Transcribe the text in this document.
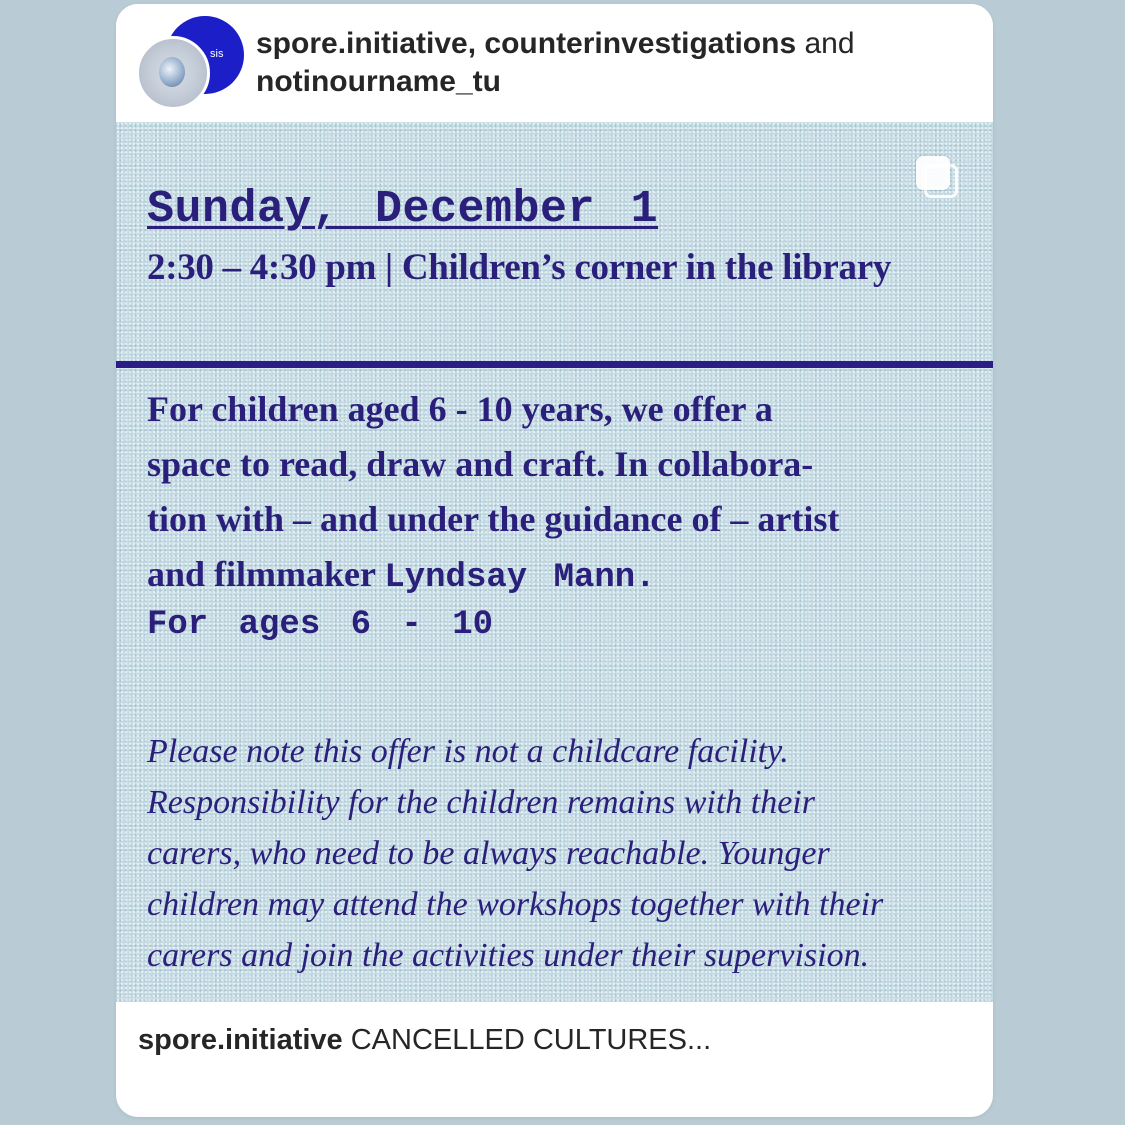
sis spore.initiative, counterinvestigations and
notinourname_tu
Sunday, December 1
2:30 – 4:30 pm | Children’s corner in the library
For children aged 6 - 10 years, we offer a
space to read, draw and craft. In collabora-
tion with – and under the guidance of – artist
and filmmaker Lyndsay Mann.
For ages 6 - 10
Please note this offer is not a childcare facility.
Responsibility for the children remains with their
carers, who need to be always reachable. Younger
children may attend the workshops together with their
carers and join the activities under their supervision.
spore.initiative CANCELLED CULTURES...
